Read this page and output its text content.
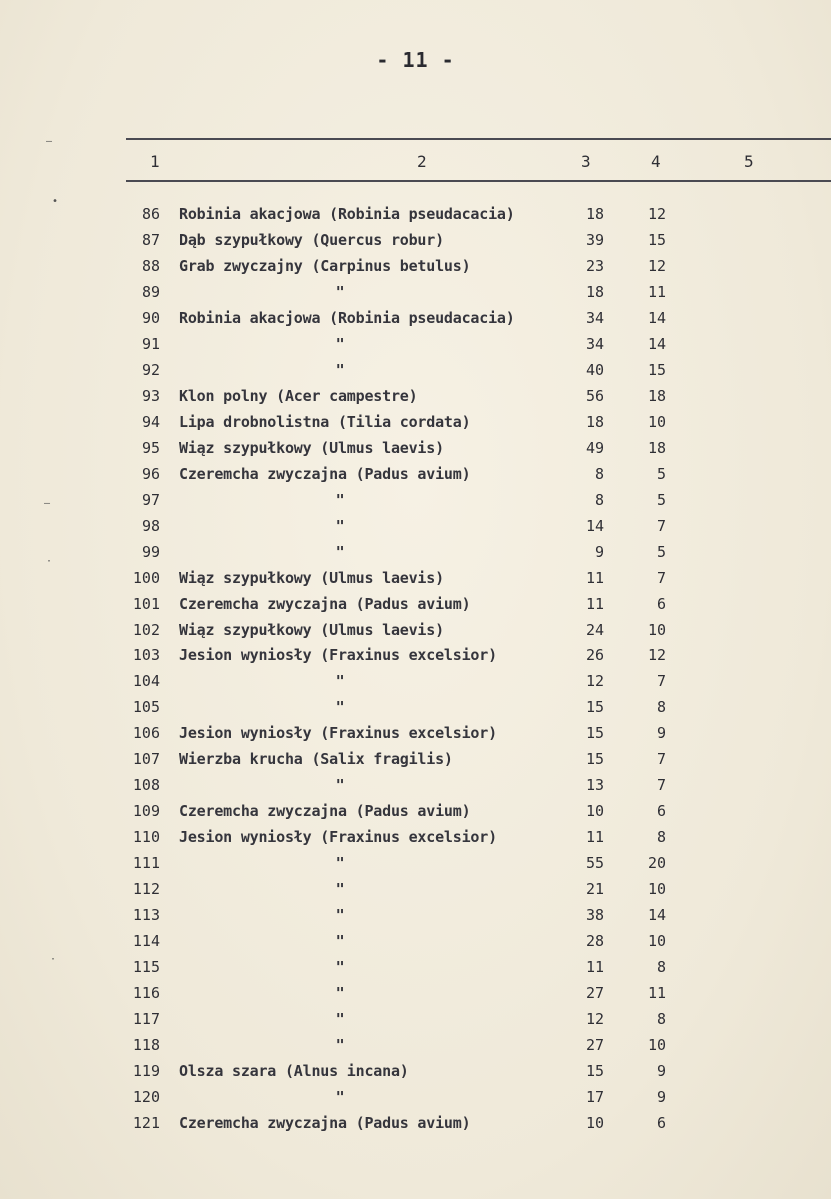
- 11 -
1	2	3	4	5
86 Robinia akacjowa (Robinia pseudacacia)	18	12
87 Dąb szypułkowy (Quercus robur)	39	15
88 Grab zwyczajny (Carpinus betulus)	23	12
89	"	18	11
90 Robinia akacjowa (Robinia pseudacacia)	34	14
91	"	34	14
92	"	40	15
93 Klon polny (Acer campestre)	56	18
94 Lipa drobnolistna (Tilia cordata)	18	10
95 Wiąz szypułkowy (Ulmus laevis)	49	18
96 Czeremcha zwyczajna (Padus avium)	8	5
97	"	8	5
98	"	14	7
99	"	9	5
100 Wiąz szypułkowy (Ulmus laevis)	11	7
101 Czeremcha zwyczajna (Padus avium)	11	6
102 Wiąz szypułkowy (Ulmus laevis)	24	10
103 Jesion wyniosły (Fraxinus excelsior)	26	12
104	"	12	7
105	"	15	8
106 Jesion wyniosły (Fraxinus excelsior)	15	9
107 Wierzba krucha (Salix fragilis)	15	7
108	"	13	7
109 Czeremcha zwyczajna (Padus avium)	10	6
110 Jesion wyniosły (Fraxinus excelsior)	11	8
111	"	55	20
112	"	21	10
113	"	38	14
114	"	28	10
115	"	11	8
116	"	27	11
117	"	12	8
118	"	27	10
119 Olsza szara (Alnus incana)	15	9
120	"	17	9
121 Czeremcha zwyczajna (Padus avium)	10	6
–
•
–
·
·
